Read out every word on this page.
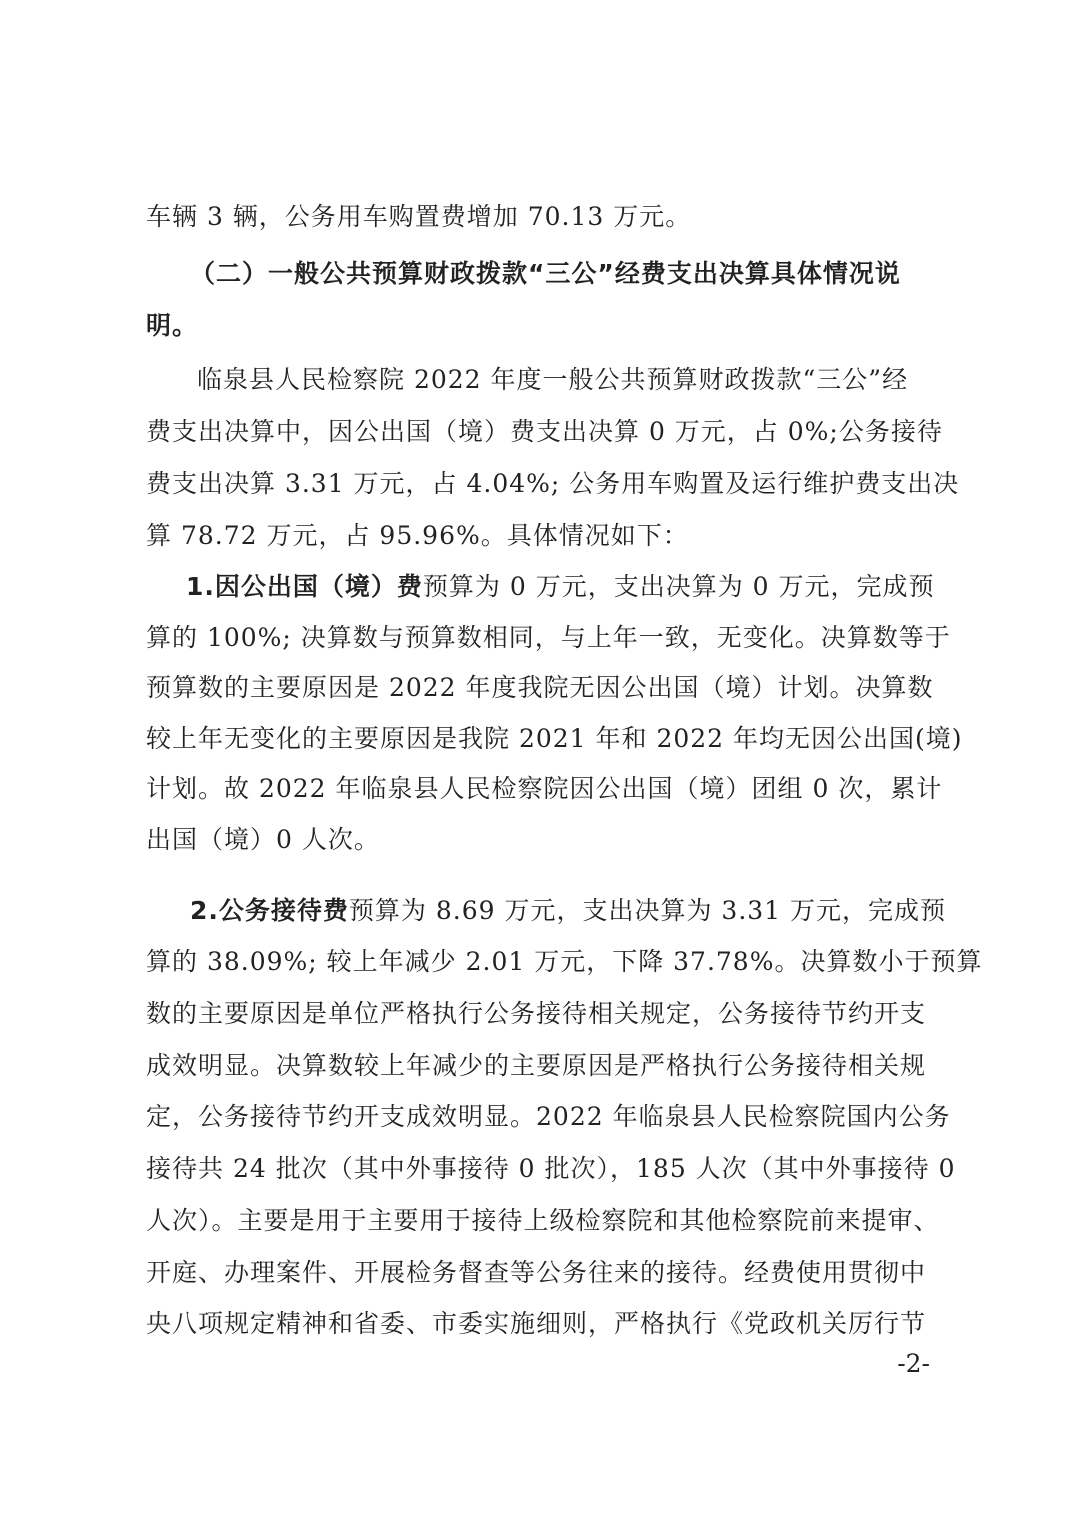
车辆 3 辆，公务用车购置费增加 70.13 万元。
（二）一般公共预算财政拨款“三公”经费支出决算具体情况说
明。
临泉县人民检察院 2022 年度一般公共预算财政拨款“三公”经
费支出决算中，因公出国（境）费支出决算 0 万元，占 0%;公务接待
费支出决算 3.31 万元，占 4.04%; 公务用车购置及运行维护费支出决
算 78.72 万元，占 95.96%。具体情况如下：
1.因公出国（境）费预算为 0 万元，支出决算为 0 万元，完成预
算的 100%; 决算数与预算数相同，与上年一致，无变化。决算数等于
预算数的主要原因是 2022 年度我院无因公出国（境）计划。决算数
较上年无变化的主要原因是我院 2021 年和 2022 年均无因公出国(境)
计划。故 2022 年临泉县人民检察院因公出国（境）团组 0 次，累计
出国（境）0 人次。
2.公务接待费预算为 8.69 万元，支出决算为 3.31 万元，完成预
算的 38.09%; 较上年减少 2.01 万元，下降 37.78%。决算数小于预算
数的主要原因是单位严格执行公务接待相关规定，公务接待节约开支
成效明显。决算数较上年减少的主要原因是严格执行公务接待相关规
定，公务接待节约开支成效明显。2022 年临泉县人民检察院国内公务
接待共 24 批次（其中外事接待 0 批次），185 人次（其中外事接待 0
人次）。主要是用于主要用于接待上级检察院和其他检察院前来提审、
开庭、办理案件、开展检务督查等公务往来的接待。经费使用贯彻中
央八项规定精神和省委、市委实施细则，严格执行《党政机关厉行节
-2-
